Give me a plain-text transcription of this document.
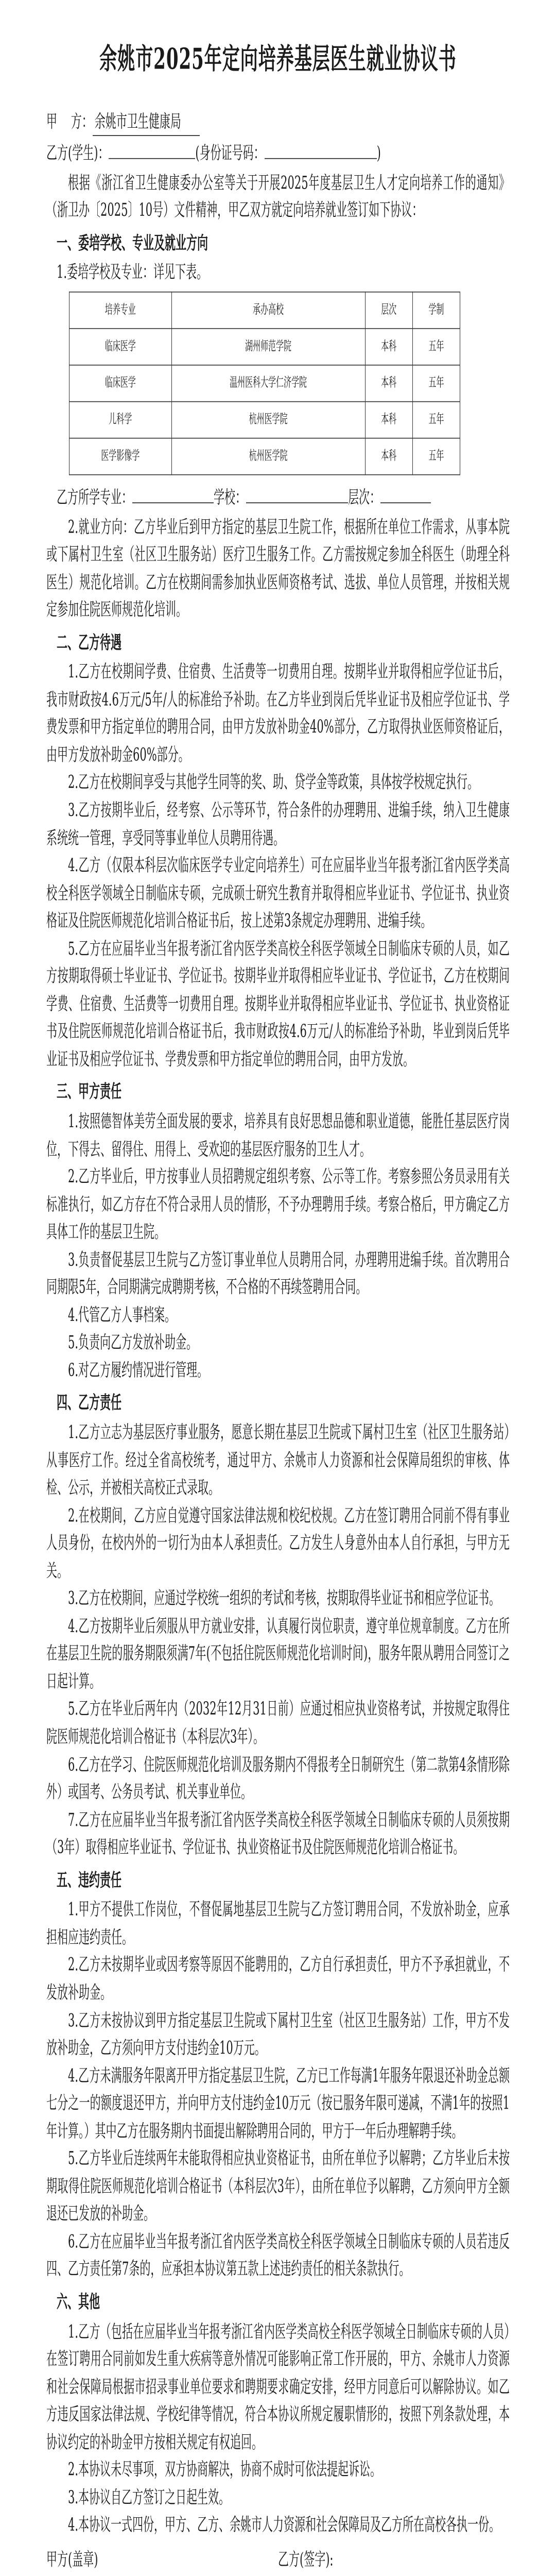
余姚市2025年定向培养基层医生就业协议书
甲    方： 余姚市卫生健康局
乙方(学生)：	(身份证号码：	)

根据《浙江省卫生健康委办公室等关于开展2025年度基层卫生人才定向培养工作的通知》（浙卫办〔2025〕10号）文件精神，甲乙双方就定向培养就业签订如下协议：

一、委培学校、专业及就业方向

1.委培学校及专业：详见下表。

培养专业	承办高校	层次	学制
临床医学	湖州师范学院	本科	五年
临床医学	温州医科大学仁济学院	本科	五年
儿科学	杭州医学院	本科	五年
医学影像学	杭州医学院	本科	五年
乙方所学专业：	学校：	层次：

2.就业方向：乙方毕业后到甲方指定的基层卫生院工作，根据所在单位工作需求，从事本院或下属村卫生室（社区卫生服务站）医疗卫生服务工作。乙方需按规定参加全科医生（助理全科医生）规范化培训。乙方在校期间需参加执业医师资格考试、选拔、单位人员管理，并按相关规定参加住院医师规范化培训。

二、乙方待遇

1.乙方在校期间学费、住宿费、生活费等一切费用自理。按期毕业并取得相应学位证书后，我市财政按4.6万元/5年/人的标准给予补助。在乙方毕业到岗后凭毕业证书及相应学位证书、学费发票和甲方指定单位的聘用合同，由甲方发放补助金40%部分，乙方取得执业医师资格证后，由甲方发放补助金60%部分。

2.乙方在校期间享受与其他学生同等的奖、助、贷学金等政策，具体按学校规定执行。

3.乙方按期毕业后，经考察、公示等环节，符合条件的办理聘用、进编手续，纳入卫生健康系统统一管理，享受同等事业单位人员聘用待遇。

4.乙方（仅限本科层次临床医学专业定向培养生）可在应届毕业当年报考浙江省内医学类高校全科医学领域全日制临床专硕，完成硕士研究生教育并取得相应毕业证书、学位证书、执业资格证及住院医师规范化培训合格证书后，按上述第3条规定办理聘用、进编手续。

5.乙方在应届毕业当年报考浙江省内医学类高校全科医学领域全日制临床专硕的人员，如乙方按期取得硕士毕业证书、学位证书。按期毕业并取得相应毕业证书、学位证书，乙方在校期间学费、住宿费、生活费等一切费用自理。按期毕业并取得相应毕业证书、学位证书、执业资格证书及住院医师规范化培训合格证书后，我市财政按4.6万元/人的标准给予补助，毕业到岗后凭毕业证书及相应学位证书、学费发票和甲方指定单位的聘用合同，由甲方发放。

三、甲方责任

1.按照德智体美劳全面发展的要求，培养具有良好思想品德和职业道德，能胜任基层医疗岗位，下得去、留得住、用得上、受欢迎的基层医疗服务的卫生人才。

2.乙方毕业后，甲方按事业人员招聘规定组织考察、公示等工作。考察参照公务员录用有关标准执行，如乙方存在不符合录用人员的情形，不予办理聘用手续。考察合格后，甲方确定乙方具体工作的基层卫生院。

3.负责督促基层卫生院与乙方签订事业单位人员聘用合同，办理聘用进编手续。首次聘用合同期限5年，合同期满完成聘期考核，不合格的不再续签聘用合同。

4.代管乙方人事档案。

5.负责向乙方发放补助金。

6.对乙方履约情况进行管理。

四、乙方责任

1.乙方立志为基层医疗事业服务，愿意长期在基层卫生院或下属村卫生室（社区卫生服务站）从事医疗工作。经过全省高校统考，通过甲方、余姚市人力资源和社会保障局组织的审核、体检、公示，并被相关高校正式录取。

2.在校期间，乙方应自觉遵守国家法律法规和校纪校规。乙方在签订聘用合同前不得有事业人员身份，在校内外的一切行为由本人承担责任。乙方发生人身意外由本人自行承担，与甲方无关。

3.乙方在校期间，应通过学校统一组织的考试和考核，按期取得毕业证书和相应学位证书。

4.乙方按期毕业后须服从甲方就业安排，认真履行岗位职责，遵守单位规章制度。乙方在所在基层卫生院的服务期限须满7年(不包括住院医师规范化培训时间)，服务年限从聘用合同签订之日起计算。

5.乙方在毕业后两年内（2032年12月31日前）应通过相应执业资格考试，并按规定取得住院医师规范化培训合格证书（本科层次3年）。

6.乙方在学习、住院医师规范化培训及服务期内不得报考全日制研究生（第二款第4条情形除外）或国考、公务员考试、机关事业单位。

7.乙方在应届毕业当年报考浙江省内医学类高校全科医学领域全日制临床专硕的人员须按期（3年）取得相应毕业证书、学位证书、执业资格证书及住院医师规范化培训合格证书。

五、违约责任

1.甲方不提供工作岗位，不督促属地基层卫生院与乙方签订聘用合同，不发放补助金，应承担相应违约责任。

2.乙方未按期毕业或因考察等原因不能聘用的，乙方自行承担责任，甲方不予承担就业，不发放补助金。

3.乙方未按协议到甲方指定基层卫生院或下属村卫生室（社区卫生服务站）工作，甲方不发放补助金，乙方须向甲方支付违约金10万元。

4.乙方未满服务年限离开甲方指定基层卫生院，乙方已工作每满1年服务年限退还补助金总额七分之一的额度退还甲方，并向甲方支付违约金10万元（按已服务年限可递减，不满1年的按照1年计算。）其中乙方在服务期内书面提出解除聘用合同的，甲方于一年后办理解聘手续。

5.乙方毕业后连续两年未能取得相应执业资格证书，由所在单位予以解聘；乙方毕业后未按期取得住院医师规范化培训合格证书（本科层次3年），由所在单位予以解聘，乙方须向甲方全额退还已发放的补助金。

6.乙方在应届毕业当年报考浙江省内医学类高校全科医学领域全日制临床专硕的人员若违反四、乙方责任第7条的，应承担本协议第五款上述违约责任的相关条款执行。

六、其他

1.乙方（包括在应届毕业当年报考浙江省内医学类高校全科医学领域全日制临床专硕的人员）在签订聘用合同前如发生重大疾病等意外情况可能影响正常工作开展的，甲方、余姚市人力资源和社会保障局根据市招录事业单位要求和聘期要求确定安排，经甲方同意后可以解除协议。如乙方违反国家法律法规、学校纪律等情况，符合本协议所规定履职情形的，按照下列条款处理，本协议约定的补助金甲方按相关规定有权追回。

2.本协议未尽事项，双方协商解决，协商不成时可依法提起诉讼。

3.本协议自乙方签订之日起生效。

4.本协议一式四份，甲方、乙方、余姚市人力资源和社会保障局及乙方所在高校各执一份。

甲方(盖章)	乙方(签字):
